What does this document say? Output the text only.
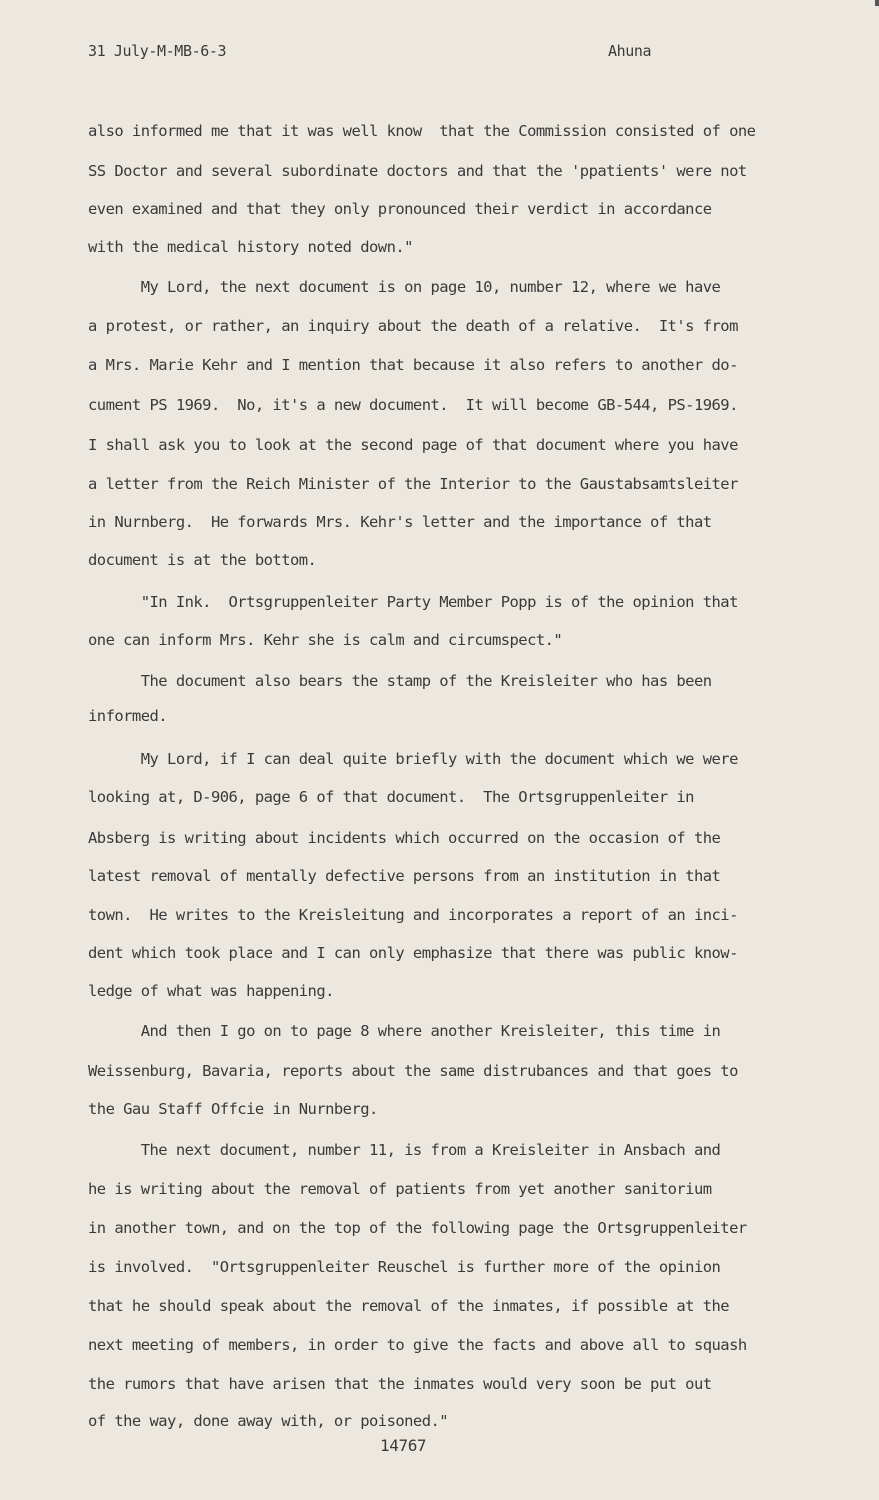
31 July-M-MB-6-3	Ahuna
also informed me that it was well know  that the Commission consisted of one
SS Doctor and several subordinate doctors and that the 'ppatients' were not
even examined and that they only pronounced their verdict in accordance
with the medical history noted down."
My Lord, the next document is on page 10, number 12, where we have
a protest, or rather, an inquiry about the death of a relative.  It's from
a Mrs. Marie Kehr and I mention that because it also refers to another do-
cument PS 1969.  No, it's a new document.  It will become GB-544, PS-1969.
I shall ask you to look at the second page of that document where you have
a letter from the Reich Minister of the Interior to the Gaustabsamtsleiter
in Nurnberg.  He forwards Mrs. Kehr's letter and the importance of that
document is at the bottom.
"In Ink.  Ortsgruppenleiter Party Member Popp is of the opinion that
one can inform Mrs. Kehr she is calm and circumspect."
The document also bears the stamp of the Kreisleiter who has been
informed.
My Lord, if I can deal quite briefly with the document which we were
looking at, D-906, page 6 of that document.  The Ortsgruppenleiter in
Absberg is writing about incidents which occurred on the occasion of the
latest removal of mentally defective persons from an institution in that
town.  He writes to the Kreisleitung and incorporates a report of an inci-
dent which took place and I can only emphasize that there was public know-
ledge of what was happening.
And then I go on to page 8 where another Kreisleiter, this time in
Weissenburg, Bavaria, reports about the same distrubances and that goes to
the Gau Staff Offcie in Nurnberg.
The next document, number 11, is from a Kreisleiter in Ansbach and
he is writing about the removal of patients from yet another sanitorium
in another town, and on the top of the following page the Ortsgruppenleiter
is involved.  "Ortsgruppenleiter Reuschel is further more of the opinion
that he should speak about the removal of the inmates, if possible at the
next meeting of members, in order to give the facts and above all to squash
the rumors that have arisen that the inmates would very soon be put out
of the way, done away with, or poisoned."
14767
